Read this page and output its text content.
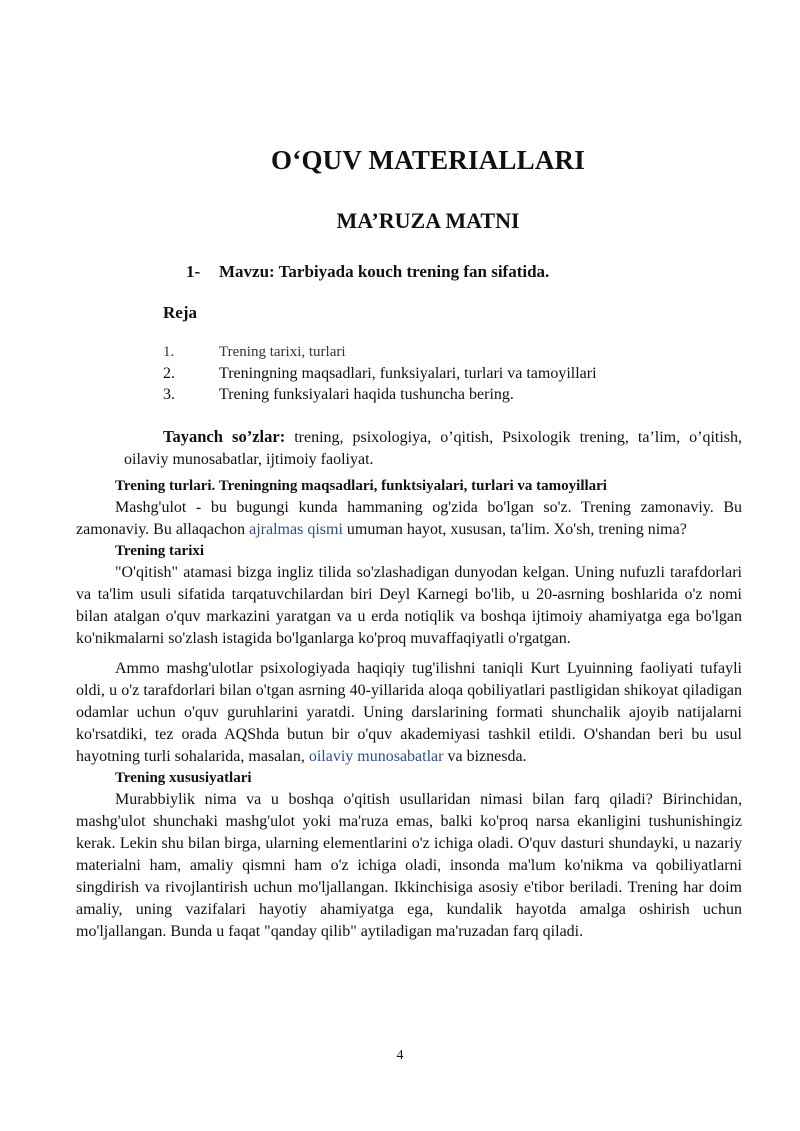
O‘QUV MATERIALLARI
MA’RUZA MATNI
1- Mavzu: Tarbiyada kouch trening fan sifatida.
Reja
1.	Trening tarixi, turlari
2.	Treningning maqsadlari, funksiyalari, turlari va tamoyillari
3.	Trening funksiyalari haqida tushuncha bering.
Tayanch so’zlar: trening, psixologiya, o’qitish, Psixologik trening, ta’lim, o’qitish, oilaviy munosabatlar, ijtimoiy faoliyat.
Trening turlari. Treningning maqsadlari, funktsiyalari, turlari va tamoyillari

Mashg'ulot - bu bugungi kunda hammaning og'zida bo'lgan so'z. Trening zamonaviy. Bu zamonaviy. Bu allaqachon ajralmas qismi umuman hayot, xususan, ta'lim. Xo'sh, trening nima?

Trening tarixi

"O'qitish" atamasi bizga ingliz tilida so'zlashadigan dunyodan kelgan. Uning nufuzli tarafdorlari va ta'lim usuli sifatida tarqatuvchilardan biri Deyl Karnegi bo'lib, u 20-asrning boshlarida o'z nomi bilan atalgan o'quv markazini yaratgan va u erda notiqlik va boshqa ijtimoiy ahamiyatga ega bo'lgan ko'nikmalarni so'zlash istagida bo'lganlarga ko'proq muvaffaqiyatli o'rgatgan.

Ammo mashg'ulotlar psixologiyada haqiqiy tug'ilishni taniqli Kurt Lyuinning faoliyati tufayli oldi, u o'z tarafdorlari bilan o'tgan asrning 40-yillarida aloqa qobiliyatlari pastligidan shikoyat qiladigan odamlar uchun o'quv guruhlarini yaratdi. Uning darslarining formati shunchalik ajoyib natijalarni ko'rsatdiki, tez orada AQShda butun bir o'quv akademiyasi tashkil etildi. O'shandan beri bu usul hayotning turli sohalarida, masalan, oilaviy munosabatlar va biznesda.

Trening xususiyatlari

Murabbiylik nima va u boshqa o'qitish usullaridan nimasi bilan farq qiladi? Birinchidan, mashg'ulot shunchaki mashg'ulot yoki ma'ruza emas, balki ko'proq narsa ekanligini tushunishingiz kerak. Lekin shu bilan birga, ularning elementlarini o'z ichiga oladi. O'quv dasturi shundayki, u nazariy materialni ham, amaliy qismni ham o'z ichiga oladi, insonda ma'lum ko'nikma va qobiliyatlarni singdirish va rivojlantirish uchun mo'ljallangan. Ikkinchisiga asosiy e'tibor beriladi. Trening har doim amaliy, uning vazifalari hayotiy ahamiyatga ega, kundalik hayotda amalga oshirish uchun mo'ljallangan. Bunda u faqat "qanday qilib" aytiladigan ma'ruzadan farq qiladi.

4
